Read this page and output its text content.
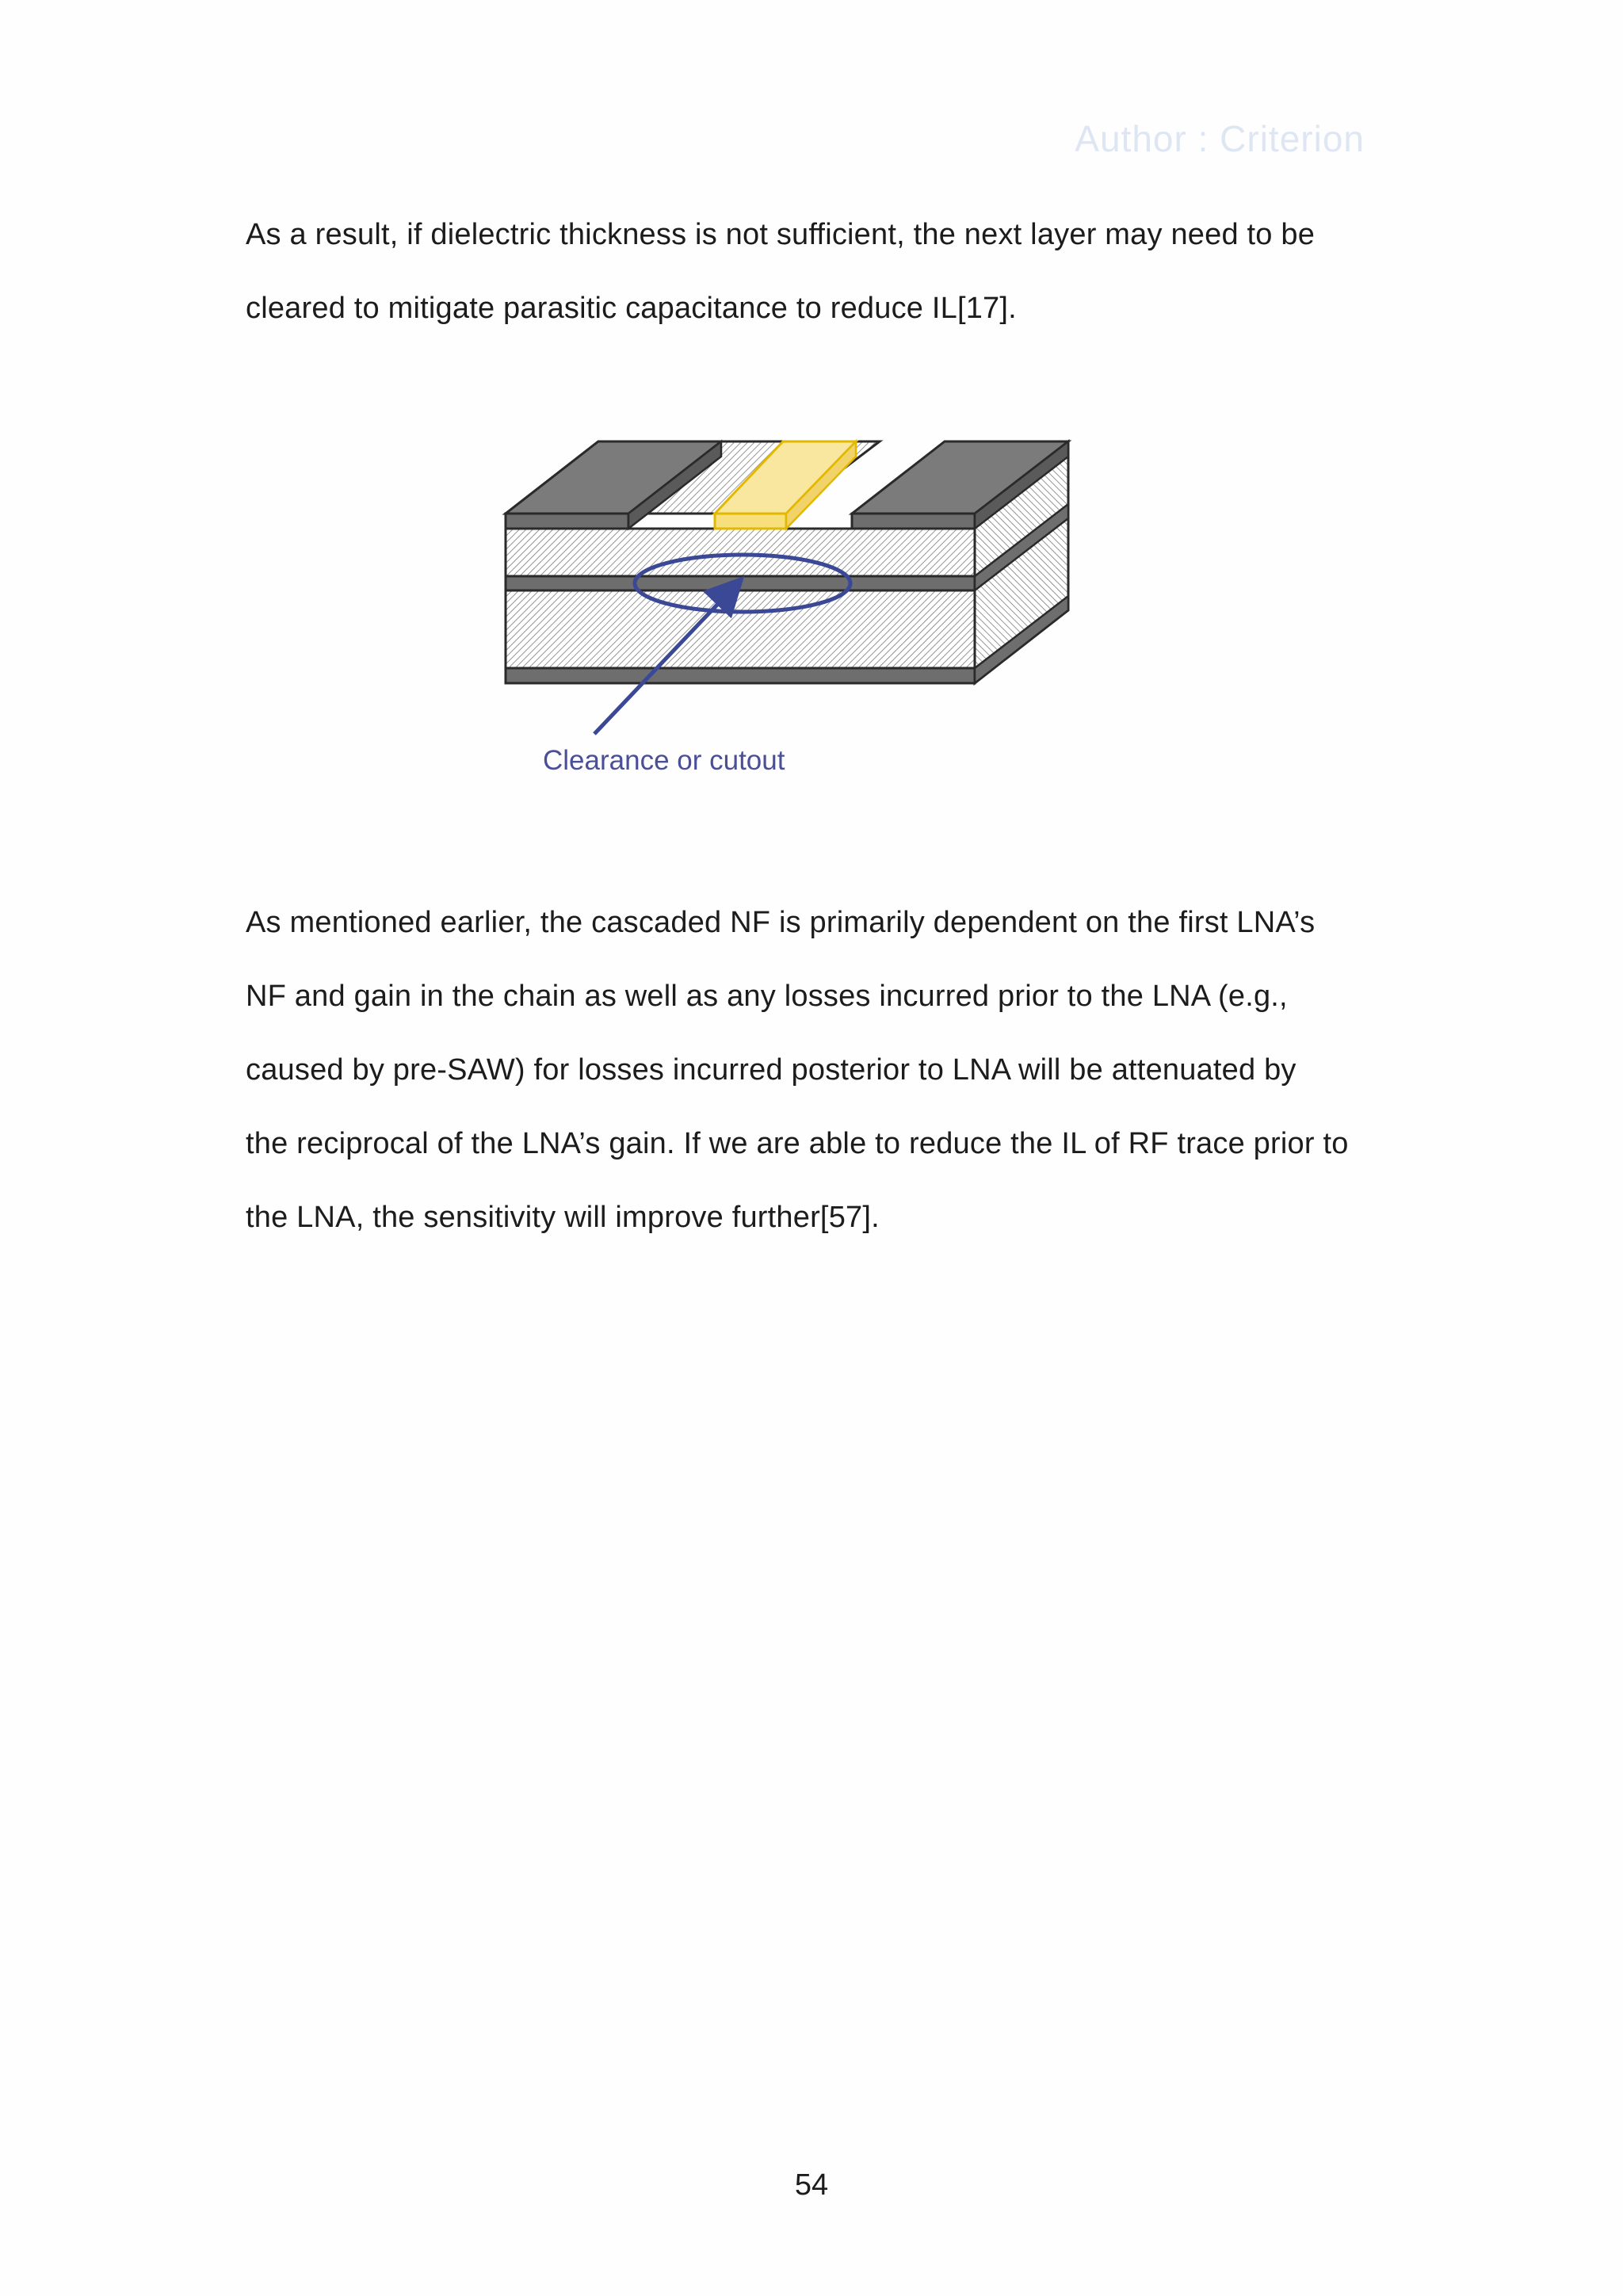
Author : Criterion
As a result, if dielectric thickness is not sufficient, the next layer may need to be
cleared to mitigate parasitic capacitance to reduce IL[17].
Clearance or cutout
As mentioned earlier, the cascaded NF is primarily dependent on the first LNA’s
NF and gain in the chain as well as any losses incurred prior to the LNA (e.g.,
caused by pre-SAW) for losses incurred posterior to LNA will be attenuated by
the reciprocal of the LNA’s gain. If we are able to reduce the IL of RF trace prior to
the LNA, the sensitivity will improve further[57].
54
